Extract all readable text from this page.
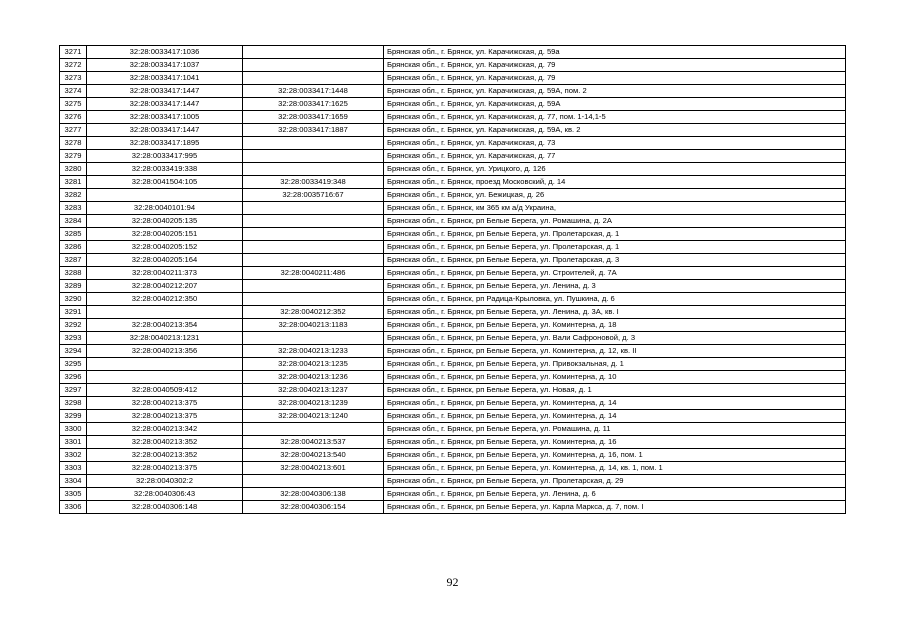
3271	32:28:0033417:1036		Брянская обл., г. Брянск, ул. Карачижская, д. 59а
3272	32:28:0033417:1037		Брянская обл., г. Брянск, ул. Карачижская, д. 79
3273	32:28:0033417:1041		Брянская обл., г. Брянск, ул. Карачижская, д. 79
3274	32:28:0033417:1447	32:28:0033417:1448	Брянская обл., г. Брянск, ул. Карачижская, д. 59А, пом. 2
3275	32:28:0033417:1447	32:28:0033417:1625	Брянская обл., г. Брянск, ул. Карачижская, д. 59А
3276	32:28:0033417:1005	32:28:0033417:1659	Брянская обл., г. Брянск, ул. Карачижская, д. 77, пом. 1-14,1-5
3277	32:28:0033417:1447	32:28:0033417:1887	Брянская обл., г. Брянск, ул. Карачижская, д. 59А, кв. 2
3278	32:28:0033417:1895		Брянская обл., г. Брянск, ул. Карачижская, д. 73
3279	32:28:0033417:995		Брянская обл., г. Брянск, ул. Карачижская, д. 77
3280	32:28:0033419:338		Брянская обл., г. Брянск, ул. Урицкого, д. 126
3281	32:28:0041504:105	32:28:0033419:348	Брянская обл., г. Брянск, проезд Московский, д. 14
3282		32:28:0035716:67	Брянская обл., г. Брянск, ул. Бежицкая, д. 26
3283	32:28:0040101:94		Брянская обл., г. Брянск, км 365 км а/д Украина,
3284	32:28:0040205:135		Брянская обл., г. Брянск, рп Белые Берега, ул. Ромашина, д. 2А
3285	32:28:0040205:151		Брянская обл., г. Брянск, рп Белые Берега, ул. Пролетарская, д. 1
3286	32:28:0040205:152		Брянская обл., г. Брянск, рп Белые Берега, ул. Пролетарская, д. 1
3287	32:28:0040205:164		Брянская обл., г. Брянск, рп Белые Берега, ул. Пролетарская, д. 3
3288	32:28:0040211:373	32:28:0040211:486	Брянская обл., г. Брянск, рп Белые Берега, ул. Строителей, д. 7А
3289	32:28:0040212:207		Брянская обл., г. Брянск, рп Белые Берега, ул. Ленина, д. 3
3290	32:28:0040212:350		Брянская обл., г. Брянск, рп Радица-Крыловка, ул. Пушкина, д. 6
3291		32:28:0040212:352	Брянская обл., г. Брянск, рп Белые Берега, ул. Ленина, д. 3А, кв. I
3292	32:28:0040213:354	32:28:0040213:1183	Брянская обл., г. Брянск, рп Белые Берега, ул. Коминтерна, д. 18
3293	32:28:0040213:1231		Брянская обл., г. Брянск, рп Белые Берега, ул. Вали Сафроновой, д. 3
3294	32:28:0040213:356	32:28:0040213:1233	Брянская обл., г. Брянск, рп Белые Берега, ул. Коминтерна, д. 12, кв. II
3295		32:28:0040213:1235	Брянская обл., г. Брянск, рп Белые Берега, ул. Привокзальная, д. 1
3296		32:28:0040213:1236	Брянская обл., г. Брянск, рп Белые Берега, ул. Коминтерна, д. 10
3297	32:28:0040509:412	32:28:0040213:1237	Брянская обл., г. Брянск, рп Белые Берега, ул. Новая, д. 1
3298	32:28:0040213:375	32:28:0040213:1239	Брянская обл., г. Брянск, рп Белые Берега, ул. Коминтерна, д. 14
3299	32:28:0040213:375	32:28:0040213:1240	Брянская обл., г. Брянск, рп Белые Берега, ул. Коминтерна, д. 14
3300	32:28:0040213:342		Брянская обл., г. Брянск, рп Белые Берега, ул. Ромашина, д. 11
3301	32:28:0040213:352	32:28:0040213:537	Брянская обл., г. Брянск, рп Белые Берега, ул. Коминтерна, д. 16
3302	32:28:0040213:352	32:28:0040213:540	Брянская обл., г. Брянск, рп Белые Берега, ул. Коминтерна, д. 16, пом. 1
3303	32:28:0040213:375	32:28:0040213:601	Брянская обл., г. Брянск, рп Белые Берега, ул. Коминтерна, д. 14, кв. 1, пом. 1
3304	32:28:0040302:2		Брянская обл., г. Брянск, рп Белые Берега, ул. Пролетарская, д. 29
3305	32:28:0040306:43	32:28:0040306:138	Брянская обл., г. Брянск, рп Белые Берега, ул. Ленина, д. 6
3306	32:28:0040306:148	32:28:0040306:154	Брянская обл., г. Брянск, рп Белые Берега, ул. Карла Маркса, д. 7, пом. I
92
